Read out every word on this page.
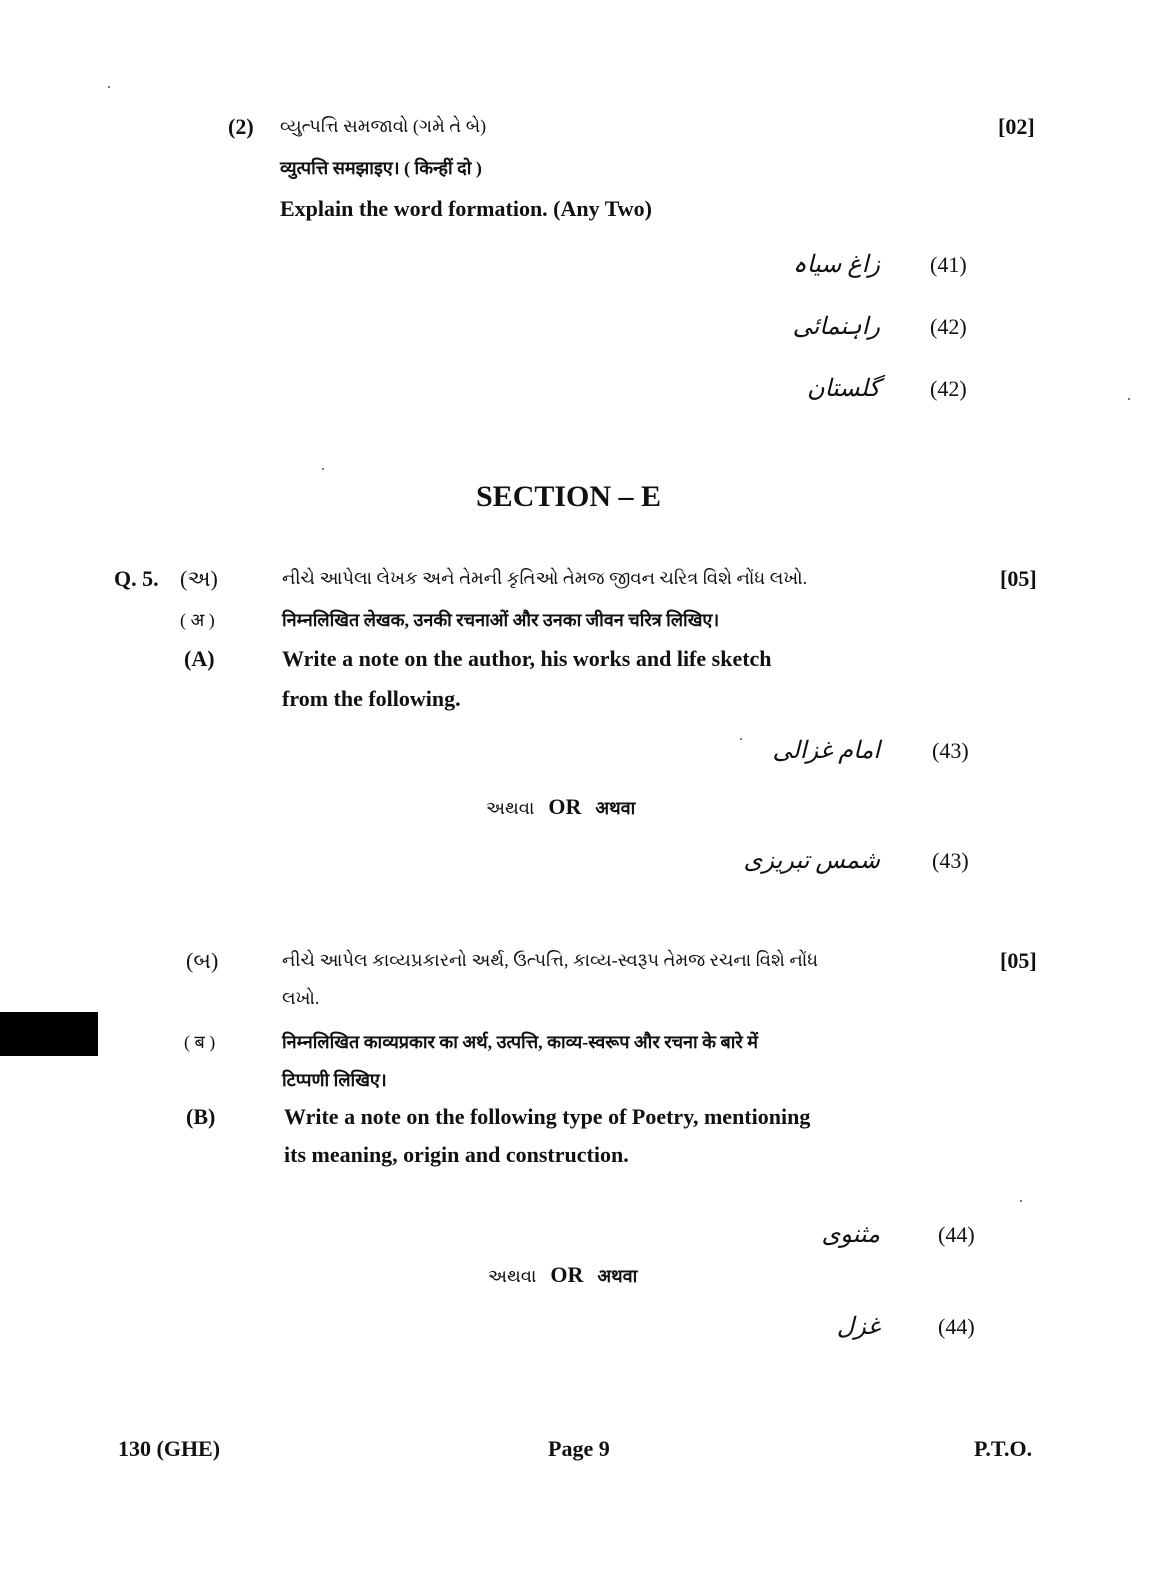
(2) વ્યુત્પત્તિ સમજાવો (ગમે તે બે)	[02]
व्युत्पत्ति समझाइए। ( किन्हीं दो )
Explain the word formation. (Any Two)
زاغ سیاہ (41)
راہنمائی (42)
گلستان (42)
SECTION – E
Q. 5. (અ)	નીચે આપેલા લેખક અને તેમની કૃતિઓ તેમજ જીવન ચરિત્ર વિશે નોંધ લખો.	[05]
( अ )	निम्नलिखित लेखक, उनकी रचनाओं और उनका जीवन चरित्र लिखिए।
(A)	Write a note on the author, his works and life sketch
from the following.
امام غزالی (43)
અથવા OR अथवा
شمس تبریزی (43)
(બ)	નીચે આપેલ કાવ્યપ્રકારનો અર્થ, ઉત્પત્તિ, કાવ્ય-સ્વરૂપ તેમજ રચના વિશે નોંધ	[05]
લખો.
( ब )	निम्नलिखित काव्यप्रकार का अर्थ, उत्पत्ति, काव्य-स्वरूप और रचना के बारे में
टिप्पणी लिखिए।
(B)	Write a note on the following type of Poetry, mentioning
its meaning, origin and construction.
مثنوی	(44)
અથવા OR अथवा
غزل	(44)
130 (GHE)	Page 9	P.T.O.
